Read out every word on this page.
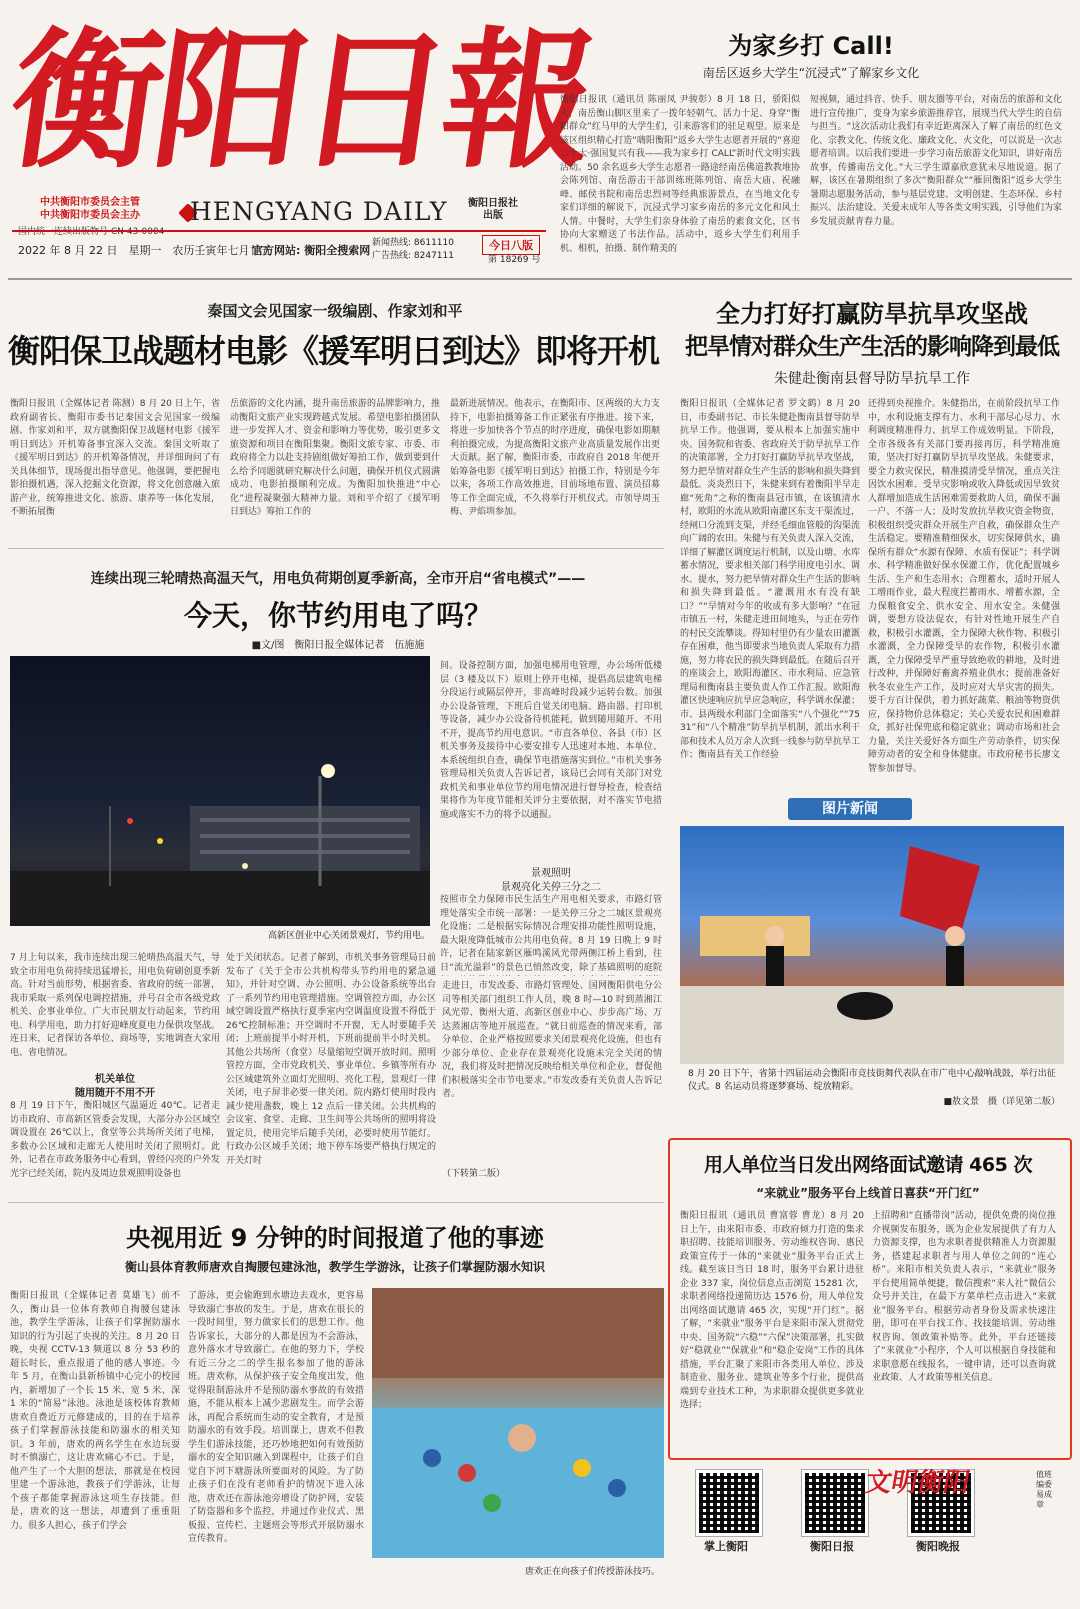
衡阳日報
中共衡阳市委员会主管
中共衡阳市委员会主办
国内统一连续出版物号 CN 43-0004
HENGYANG DAILY 衡阳日报社
出版
2022 年 8 月 22 日　星期一　农历壬寅年七月廿五
官方网站: 衡阳全搜索网
新闻热线: 8611110
广告热线: 8247111
今日八版
第 18269 号
为家乡打 Call!
南岳区返乡大学生“沉浸式”了解家乡文化
衡阳日报讯（通讯员 陈丽凤 尹骏彰）8 月 18 日，骄阳似火，南岳衡山脚区里来了一拨年轻朝气、活力十足、身穿“衡阳群众”红马甲的大学生们，引来游客们的驻足观望。原来是该区组织精心打造“嗨阳衡阳”返乡大学生志愿者开展的“喜迎二十大·强国复兴有我——我为家乡打 CALL”新时代文明实践活动。50 余名返乡大学生志愿者一路途经南岳佛道教教堆协会陈列馆、南岳游击干部训练班陈列馆、南岳大庙、祝融峰、邮侯书院和南岳忠烈祠等经典旅游景点，在当地文化专家们详细的解说下，沉浸式学习家乡南岳的多元文化和风土人情。中餐时，大学生们亲身体验了南岳的素食文化，区书协向大家赠送了书法作品。活动中，返乡大学生们利用手机、相机，拍摄、制作精美的
短视频，通过抖音、快手、朋友圈等平台，对南岳的旅游和文化进行宣传推广，变身为家乡旅游推荐官，展现当代大学生的自信与担当。“这次活动让我们有幸近距离深入了解了南岳的红色文化、宗教文化、传统文化、廉政文化、火文化，可以说是一次志愿者培训。以后我们要进一步学习南岳旅游文化知识，讲好南岳故事，传播南岳文化。”大三学生谭嘉欣意犹未尽地说道。据了解，该区在暑期组织了多次“衡阳群众”“雁回衡阳”返乡大学生暑期志愿服务活动，参与基层党建、文明创建、生态环保、乡村振兴、法治建设、关爱未成年人等各类文明实践，引导他们为家乡发展贡献青春力量。
秦国文会见国家一级编剧、作家刘和平
衡阳保卫战题材电影《援军明日到达》即将开机
衡阳日报讯（全媒体记者 陈测）8 月 20 日上午，省政府副省长、衡阳市委书记秦国文会见国家一级编剧、作家刘和平，双方就衡阳保卫战题材电影《援军明日到达》开机筹备事宜深入交流。秦国文听取了《援军明日到达》的开机筹备情况，并详细询问了有关具体细节，现场提出指导意见。他强调，要把握电影拍摄机遇，深入挖掘文化资源，将文化创意融入旅游产业，统筹推进文化、旅游、康养等一体化发展，不断拓展衡
岳旅游的文化内涵，提升南岳旅游的品牌影响力，推动衡阳文旅产业实现跨越式发展。希望电影拍摄团队进一步发挥人才、资金和影响力等优势，吸引更多文旅资源和项目在衡阳集聚。衡阳文旅专家、市委、市政府将全力以赴支持剧组做好筹拍工作，做到要到什么给予同题就研究解决什么问题，确保开机仪式圆满成功、电影拍摄顺利完成。为衡阳加快推进“中心化”进程凝聚强大精神力量。刘和平介绍了《援军明日到达》筹拍工作的
最新进展情况。他表示，在衡阳市、区两级的大力支持下，电影拍摄筹备工作正紧张有序推进。接下来，将进一步加快各个节点的时序进度，确保电影如期顺利拍摄完成，为提高衡阳文旅产业高质量发展作出更大贡献。据了解，衡阳市委、市政府自 2018 年便开始筹备电影《援军明日到达》拍摄工作，特别是今年以来，各项工作高效推进，目前场地布置、演员招募等工作全面完成，不久将举行开机仪式。市领导周玉梅、尹焰圳参加。
全力打好打赢防旱抗旱攻坚战
把旱情对群众生产生活的影响降到最低
朱健赴衡南县督导防旱抗旱工作
衡阳日报讯（全媒体记者 罗文鹤）8 月 20 日，市委副书记、市长朱健赴衡南县督导防旱抗旱工作。他强调，要从根本上加强实施中央、国务院和省委、省政府关于防旱抗旱工作的决策部署，全力打好打赢防旱抗旱攻坚战，努力把旱情对群众生产生活的影响和损失降到最低。炎炎烈日下，朱健来到有着衡阳半早走廊“死角”之称的衡南县冠市镇，在该镇清水村，欧阳的水流从欧阳南灌区东支干渠流过，经闸口分流到支渠，并经毛细血管般的沟渠流向广阔的农田。朱健与有关负责人深入交流，详细了解灌区调度运行机制，以及山塘、水库蓄水情况，要求相关部门科学用度电引水、调水、提水，努力把旱情对群众生产生活的影响和损失降到最低。“灌溉用水有没有缺口？”“早情对今年的收成有多大影响？”在冠市镇五一村，朱健走进田间地头，与正在劳作的村民交流攀谈。得知村里仍有少量农田灌溉存在困难，他当即要求当地负责人采取有力措施，努力将农民的损失降到最低。在随后召开的座谈会上，欧阳海灌区、市水利局、应急管理局和衡南县主要负责人作工作汇报。欧阳海灌区快速响应抗旱应急响应，科学调水保灌；市、县两级水利部门全面落实“八个强化”“7531”和“八个精准”防旱抗旱机制，派出水利干部和技术人员万余人次到一线参与防旱抗旱工作；衡南县有关工作经验
还得到央视推介。朱健指出，在前阶段抗旱工作中，水利设施支撑有力、水利干部尽心尽力、水利调度精准得力、抗旱工作成效明显。下阶段，全市各级各有关部门要再接再厉，科学精准施策，坚决打好打赢防旱抗旱攻坚战。朱健要求，要全力救灾保民，精准摸清受旱情况，重点关注因饮水困难、受旱灾影响或收入降低或因旱致贫人群增加造成生活困难需要救助人员，确保不漏一户、不落一人；及时发放抗旱救灾资金物资，积极组织受灾群众开展生产自救，确保群众生产生活稳定。要精准精细保水，切实保障供水，确保所有群众“水源有保障、水质有保证”；科学调水、科学精准做好保水保灌工作，优化配置城乡生活、生产和生态用水；合理蓄水，适时开展人工增雨作业，最大程度拦蓄雨水、增蓄水源，全力保粮食安全、供水安全、用水安全。朱健强调，要想方设法促农，有针对性地开展生产自救，积极引水灌溉，全力保障大秋作物、积极引水灌溉，全力保障受旱的农作物，积极引水灌溉，全力保障受旱严重导致绝收的耕地，及时进行改种，并保障好畜禽养殖业供水；提前准备好秋冬农业生产工作，及时应对大旱灾害的损失。要千方百计保供，着力抓好蔬菜、粮油等物资供应，保持物价总体稳定；关心关爱农民和困难群众，抓好社保兜底和稳定就业；调动市场和社会力量，关注关爱好各方面生产劳动条件，切实保障劳动者的安全和身体健康。市政府秘书长廖文智参加督导。
连续出现三轮晴热高温天气，用电负荷期创夏季新高，全市开启“省电模式”——
今天，你节约用电了吗？
■文/图　衡阳日报全媒体记者　伍施施
高新区创业中心关闭景观灯，节约用电。
间。设备控制方面，加强电梯用电管理，办公场所低楼层（3 楼及以下）原则上停开电梯，提倡高层建筑电梯分段运行或隔层停开，非高峰时段减少运转台数。加强办公设备管理，下班后自觉关闭电脑、路由器、打印机等设备，减少办公设备待机能耗，做到随用随开、不用不开，提高节约用电意识。“市直各单位、各县（市）区机关事务及接待中心要安排专人迅速对本地、本单位、本系统组织自查，确保节电措施落实到位。”市机关事务管理局相关负责人告诉记者，该局已会同有关部门对党政机关和事业单位节约用电情况进行督导检查，检查结果将作为年度节能相关评分主要依据，对不落实节电措施或落实不力的将予以通报。
景观照明
景观亮化关停三分之二
按照市全力保障市民生活生产用电相关要求，市路灯管理处落实全市统一部署：一是关停三分之二城区景观亮化设施；二是根据实际情况合理安排功能性照明设施，最大限度降低城市公共用电负荷。8 月 19 日晚上 9 时许，记者在陆家新区雁鸣溪风光带两侧江桥上看到，往日“流光溢彩”的景色已悄然改变，除了基础照明的庭院
7 月上旬以来，我市连续出现三轮晴热高温天气，导致全市用电负荷持续迅猛增长，用电负荷刷创夏季新高。针对当前形势，根据省委、省政府的统一部署，我市采取一系列保电调控措施，并号召全市各级党政机关、企事业单位、广大市民朋友行动起来，节约用电、科学用电，助力打好迎峰度夏电力保供攻坚战。连日来，记者探访各单位、商场等，实地调查大家用电、省电情况。
机关单位
随用随开不用不开
8 月 19 日下午，衡阳城区气温逼近 40℃。记者走访市政府、市高新区管委会发现，大部分办公区域空调设置在 26℃以上，食堂等公共场所关闭了电梯，多数办公区域和走廊无人使用时关闭了照明灯。此外，记者在市政务服务中心看到，曾经闪亮的户外发光字已经关闭，院内及周边景观照明设备也
处于关闭状态。记者了解到，市机关事务管理局日前发布了《关于全市公共机构带头节约用电的紧急通知》，并针对空调、办公照明、办公设备系统等出台了一系列节约用电管理措施。空调管控方面，办公区域空调设置严格执行夏季室内空调温度设置不得低于 26℃控制标准；开空调时不开窗，无人时要随手关闭；上班前提半小时开机，下班前提前半小时关机。其他公共场所（食堂）尽量缩短空调开放时间。照明管控方面，全市党政机关、事业单位、乡镇等所有办公区域建筑外立面灯光照明、亮化工程，景观灯一律关闭，电子屏非必要一律关闭。院内路灯使用时段内减少使用盏数，晚上 12 点后一律关闭。公共机构的会议室、食堂、走廊、卫生间等公共场所的照明将设置定员，使用完毕后随手关闭，必要时使用节能灯。行政办公区域手关闭；地下停车场要严格执行规定的开关灯时
走进日，市发改委、市路灯管理处、国网衡阳供电分公司等相关部门组织工作人员，晚 8 时—10 时到蒸湘江风光带、衡州大道、高新区创业中心、步步高广场、万达蒸湘店等地开展巡查。“就日前巡查的情况来看，部分单位、企业严格按照要求关闭景观亮化设施，但也有少部分单位、企业存在景观亮化设施未完全关闭的情况，我们将及时把情况反映给相关单位和企业，督促他们积极落实全市节电要求。”市发改委有关负责人告诉记者。
（下转第二版）
图片新闻
8 月 20 日下午，省第十四届运动会衡阳市竞技街舞代表队在市广电中心敲响战鼓，举行出征仪式。8 名运动员将逐梦赛场、绽放精彩。
■敖文景　摄（详见第二版）
央视用近 9 分钟的时间报道了他的事迹
衡山县体育教师唐欢自掏腰包建泳池，教学生学游泳，让孩子们掌握防溺水知识
衡阳日报讯（全媒体记者 莫雄飞）前不久，衡山县一位体育教师自掏腰包建泳池，教学生学游泳，让孩子们掌握防溺水知识的行为引起了央视的关注。8 月 20 日晚，央视 CCTV-13 频道以 8 分 53 秒的超长时长，重点报道了他的感人事迹。今年 5 月，在衡山县新桥镇中心完小的校园内，新增加了一个长 15 米、宽 5 米、深 1 米的“简易”泳池。泳池是该校体育教师唐欢自费近万元修建成的，目的在于培养孩子们掌握游泳技能和防溺水的相关知识。3 年前，唐欢的两名学生在水边玩耍时不慎溺亡，这让唐欢痛心不已。于是，他产生了一个大胆的想法，那就是在校园里建一个游泳池，教孩子们学游泳，让每个孩子都能掌握游泳这项生存技能。但是，唐欢的这一想法，却遭到了重重阻力。很多人担心，孩子们学会
了游泳，更会偷跑到水塘边去戏水，更容易导致溺亡事故的发生。于是，唐欢在很长的一段时间里，努力做家长们的思想工作。他告诉家长，大部分的人都是因为不会游泳，意外落水才导致溺亡。在他的努力下，学校有近三分之二的学生报名参加了他的游泳班。唐欢称，从保护孩子安全角度出发，他觉得限制游泳并不是预防溺水事故的有效措施，不能从根本上减少悲剧发生。而学会游泳，再配合系统而生动的安全教育，才是预防溺水的有效手段。培训课上，唐欢不但教学生们游泳技能，还巧妙地把如何有效预防溺水的安全知识融入到课程中，让孩子们自觉自下河下塘游泳所要面对的风险。为了防止孩子们在没有老师看护的情况下进入泳池，唐欢还在游泳池旁增设了防护网，安装了防盗器和多个监控，并通过作业仪式、黑板报、宣传栏、主题班会等形式开展防溺水宣传教育。
唐欢正在向孩子们传授游泳技巧。
用人单位当日发出网络面试邀请 465 次
“来就业”服务平台上线首日喜获“开门红”
衡阳日报讯（通讯员 曹富蓉 曹龙）8 月 20 日上午，由来阳市委、市政府倾力打造的集求职招聘、技能培训服务、劳动维权咨询、惠民政策宣传于一体的“来就业”服务平台正式上线。截至该日当日 18 时，服务平台累计进驻企业 337 家，岗位信息点击浏览 15281 次，求职者网络投递简历达 1576 份，用人单位发出网络面试邀请 465 次，实现“开门红”。据了解，“来就业”服务平台是来阳市深入贯彻党中央、国务院“六稳”“六保”决策部署，扎实做好“稳就业”“保就业”和“稳企安岗”工作的具体措施，平台汇聚了来阳市各类用人单位、涉及制造业、服务业、建筑业等多个行业，提供高端到专业技术工种，为求职群众提供更多就业选择；
上招聘和“直播带岗”活动，提供免费的岗位推介视频发布服务，既为企业发展提供了有力人力资源支撑，也为求职者提供精准人力资源服务，搭建起求职者与用人单位之间的“连心桥”。来阳市相关负责人表示，“来就业”服务平台使用简单便捷，微信搜索“来人社”微信公众号并关注，在最下方菜单栏点击进入“来就业”服务平台。根据劳动者身份及需求快速注册，即可在平台找工作、找技能培训、劳动维权咨询、领政策补贴等。此外，平台还链接了“来就业”小程序，个人可以根据自身技能和求职意愿在线报名，一键申请，还可以查询就业政策、人才政策等相关信息。
掌上衡阳	衡阳日报	衡阳晚报
文明衡阳	值班编委　易成章
